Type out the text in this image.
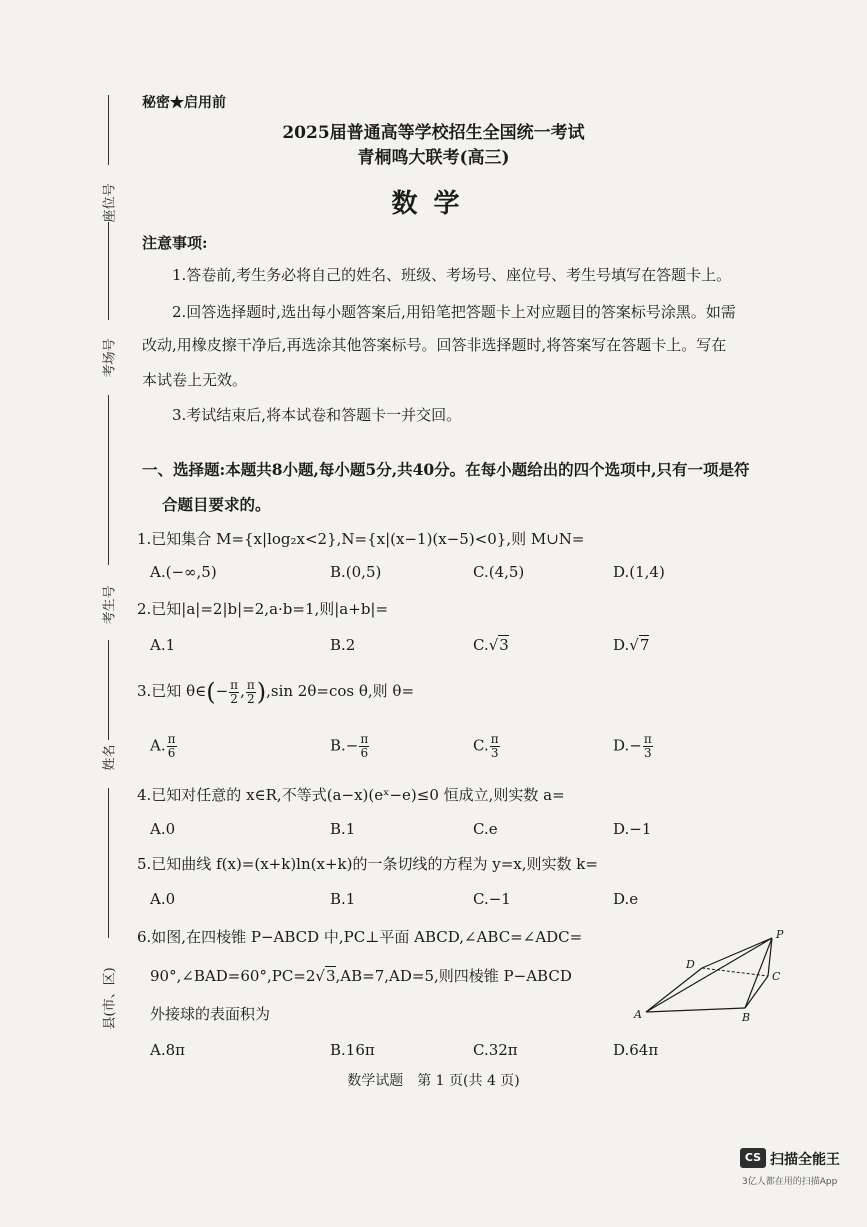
座位号
考场号
考生号
姓名
县(市、区)
秘密★启用前
2025届普通高等学校招生全国统一考试
青桐鸣大联考(高三)
数学
注意事项:
1.答卷前,考生务必将自己的姓名、班级、考场号、座位号、考生号填写在答题卡上。
2.回答选择题时,选出每小题答案后,用铅笔把答题卡上对应题目的答案标号涂黑。如需
改动,用橡皮擦干净后,再选涂其他答案标号。回答非选择题时,将答案写在答题卡上。写在
本试卷上无效。
3.考试结束后,将本试卷和答题卡一并交回。
一、选择题:本题共8小题,每小题5分,共40分。在每小题给出的四个选项中,只有一项是符
合题目要求的。
1.已知集合 M={x|log₂x<2},N={x|(x−1)(x−5)<0},则 M∪N=
A.(−∞,5)	B.(0,5)	C.(4,5)	D.(1,4)
2.已知|a|=2|b|=2,a·b=1,则|a+b|=
A.1	B.2	C.√3	D.√7
3.已知 θ∈(− $\frac{\pi}{2}$ , $\frac{\pi}{2} ),\sin$ 2θ=cos θ,则 θ=
A. $\frac{\pi}{6}$	$B.- \frac{\pi}{6}$	C. $\frac{\pi}{3}$	$D.- \frac{\pi}{3}$
4.已知对任意的 x∈R,不等式(a−x)(eˣ−e)≤0 恒成立,则实数 a=
A.0	B.1	C.e	D.−1
5.已知曲线 f(x)=(x+k)ln(x+k)的一条切线的方程为 y=x,则实数 k=
A.0	B.1	C.−1	D.e
6.如图,在四棱锥 P−ABCD 中,PC⊥平面 ABCD,∠ABC=∠ADC=
90°,∠BAD=60°,PC=2√3,AB=7,AD=5,则四棱锥 P−ABCD
外接球的表面积为
A.8π	B.16π	C.32π	D.64π
P
D
C
A	B
数学试题　第 1 页(共 4 页)
CS 扫描全能王
3亿人都在用的扫描App
